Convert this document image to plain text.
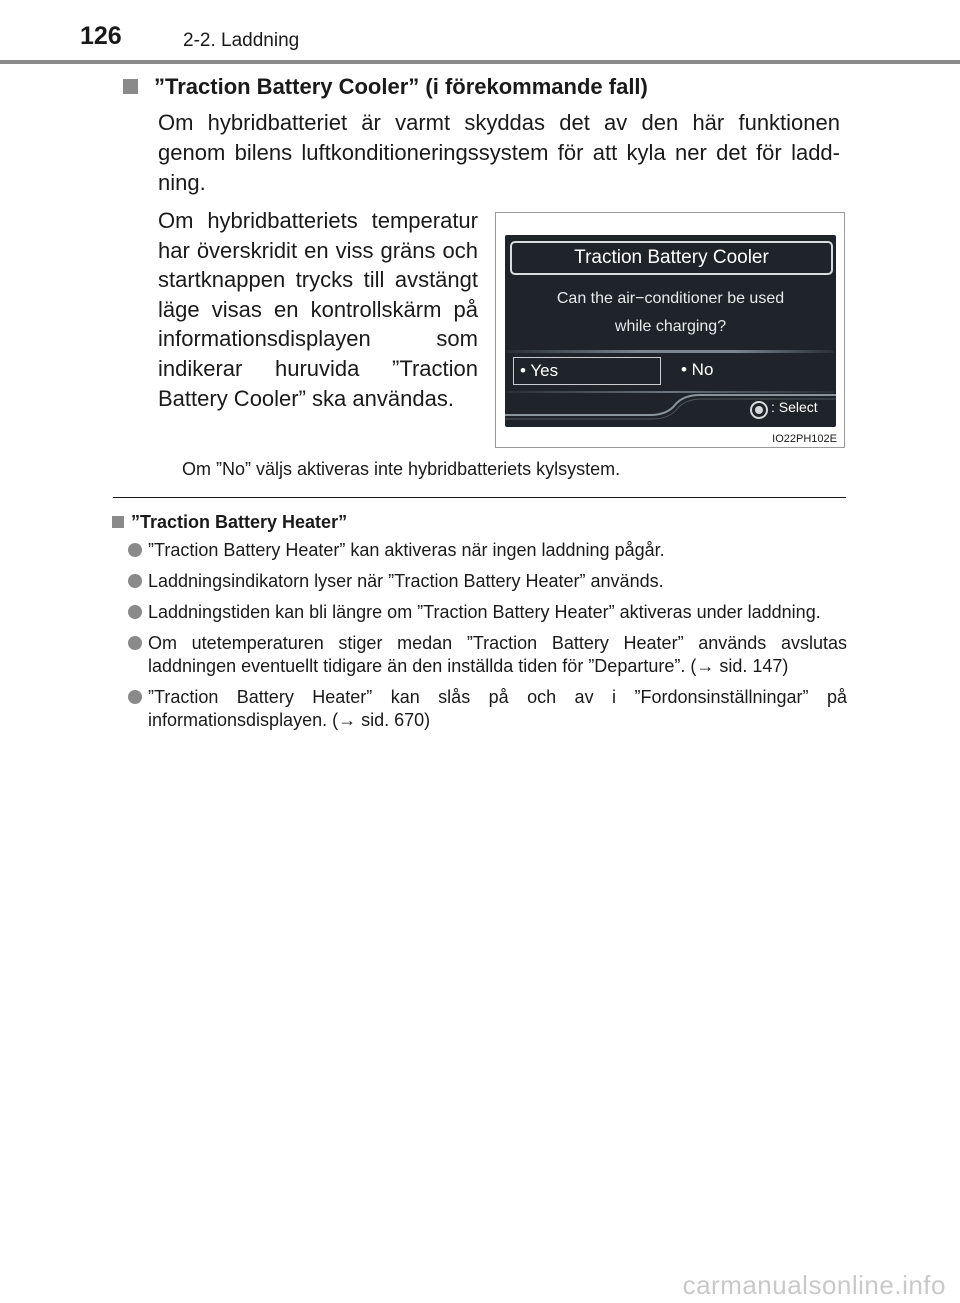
126	2-2. Laddning
”Traction Battery Cooler” (i förekommande fall)

Om hybridbatteriet är varmt skyddas det av den här funktionen genom bilens luftkonditioneringssystem för att kyla ner det för laddning.

Om hybridbatteriets temperatur har överskridit en viss gräns och startknappen trycks till avstängt läge visas en kontrollskärm på informationsdisplayen som indikerar huruvida ”Traction Battery Cooler” ska användas.

Traction Battery Cooler
Can the air−conditioner be used
while charging?
• Yes	• No
: Select
IO22PH102E

Om ”No” väljs aktiveras inte hybridbatteriets kylsystem.

”Traction Battery Heater”
”Traction Battery Heater” kan aktiveras när ingen laddning pågår.
Laddningsindikatorn lyser när ”Traction Battery Heater” används.
Laddningstiden kan bli längre om ”Traction Battery Heater” aktiveras under laddning.
Om utetemperaturen stiger medan ”Traction Battery Heater” används avslutas laddningen eventuellt tidigare än den inställda tiden för ”Departure”. (→ sid. 147)
”Traction Battery Heater” kan slås på och av i ”Fordonsinställningar” på informationsdisplayen. (→ sid. 670)
carmanualsonline.info
